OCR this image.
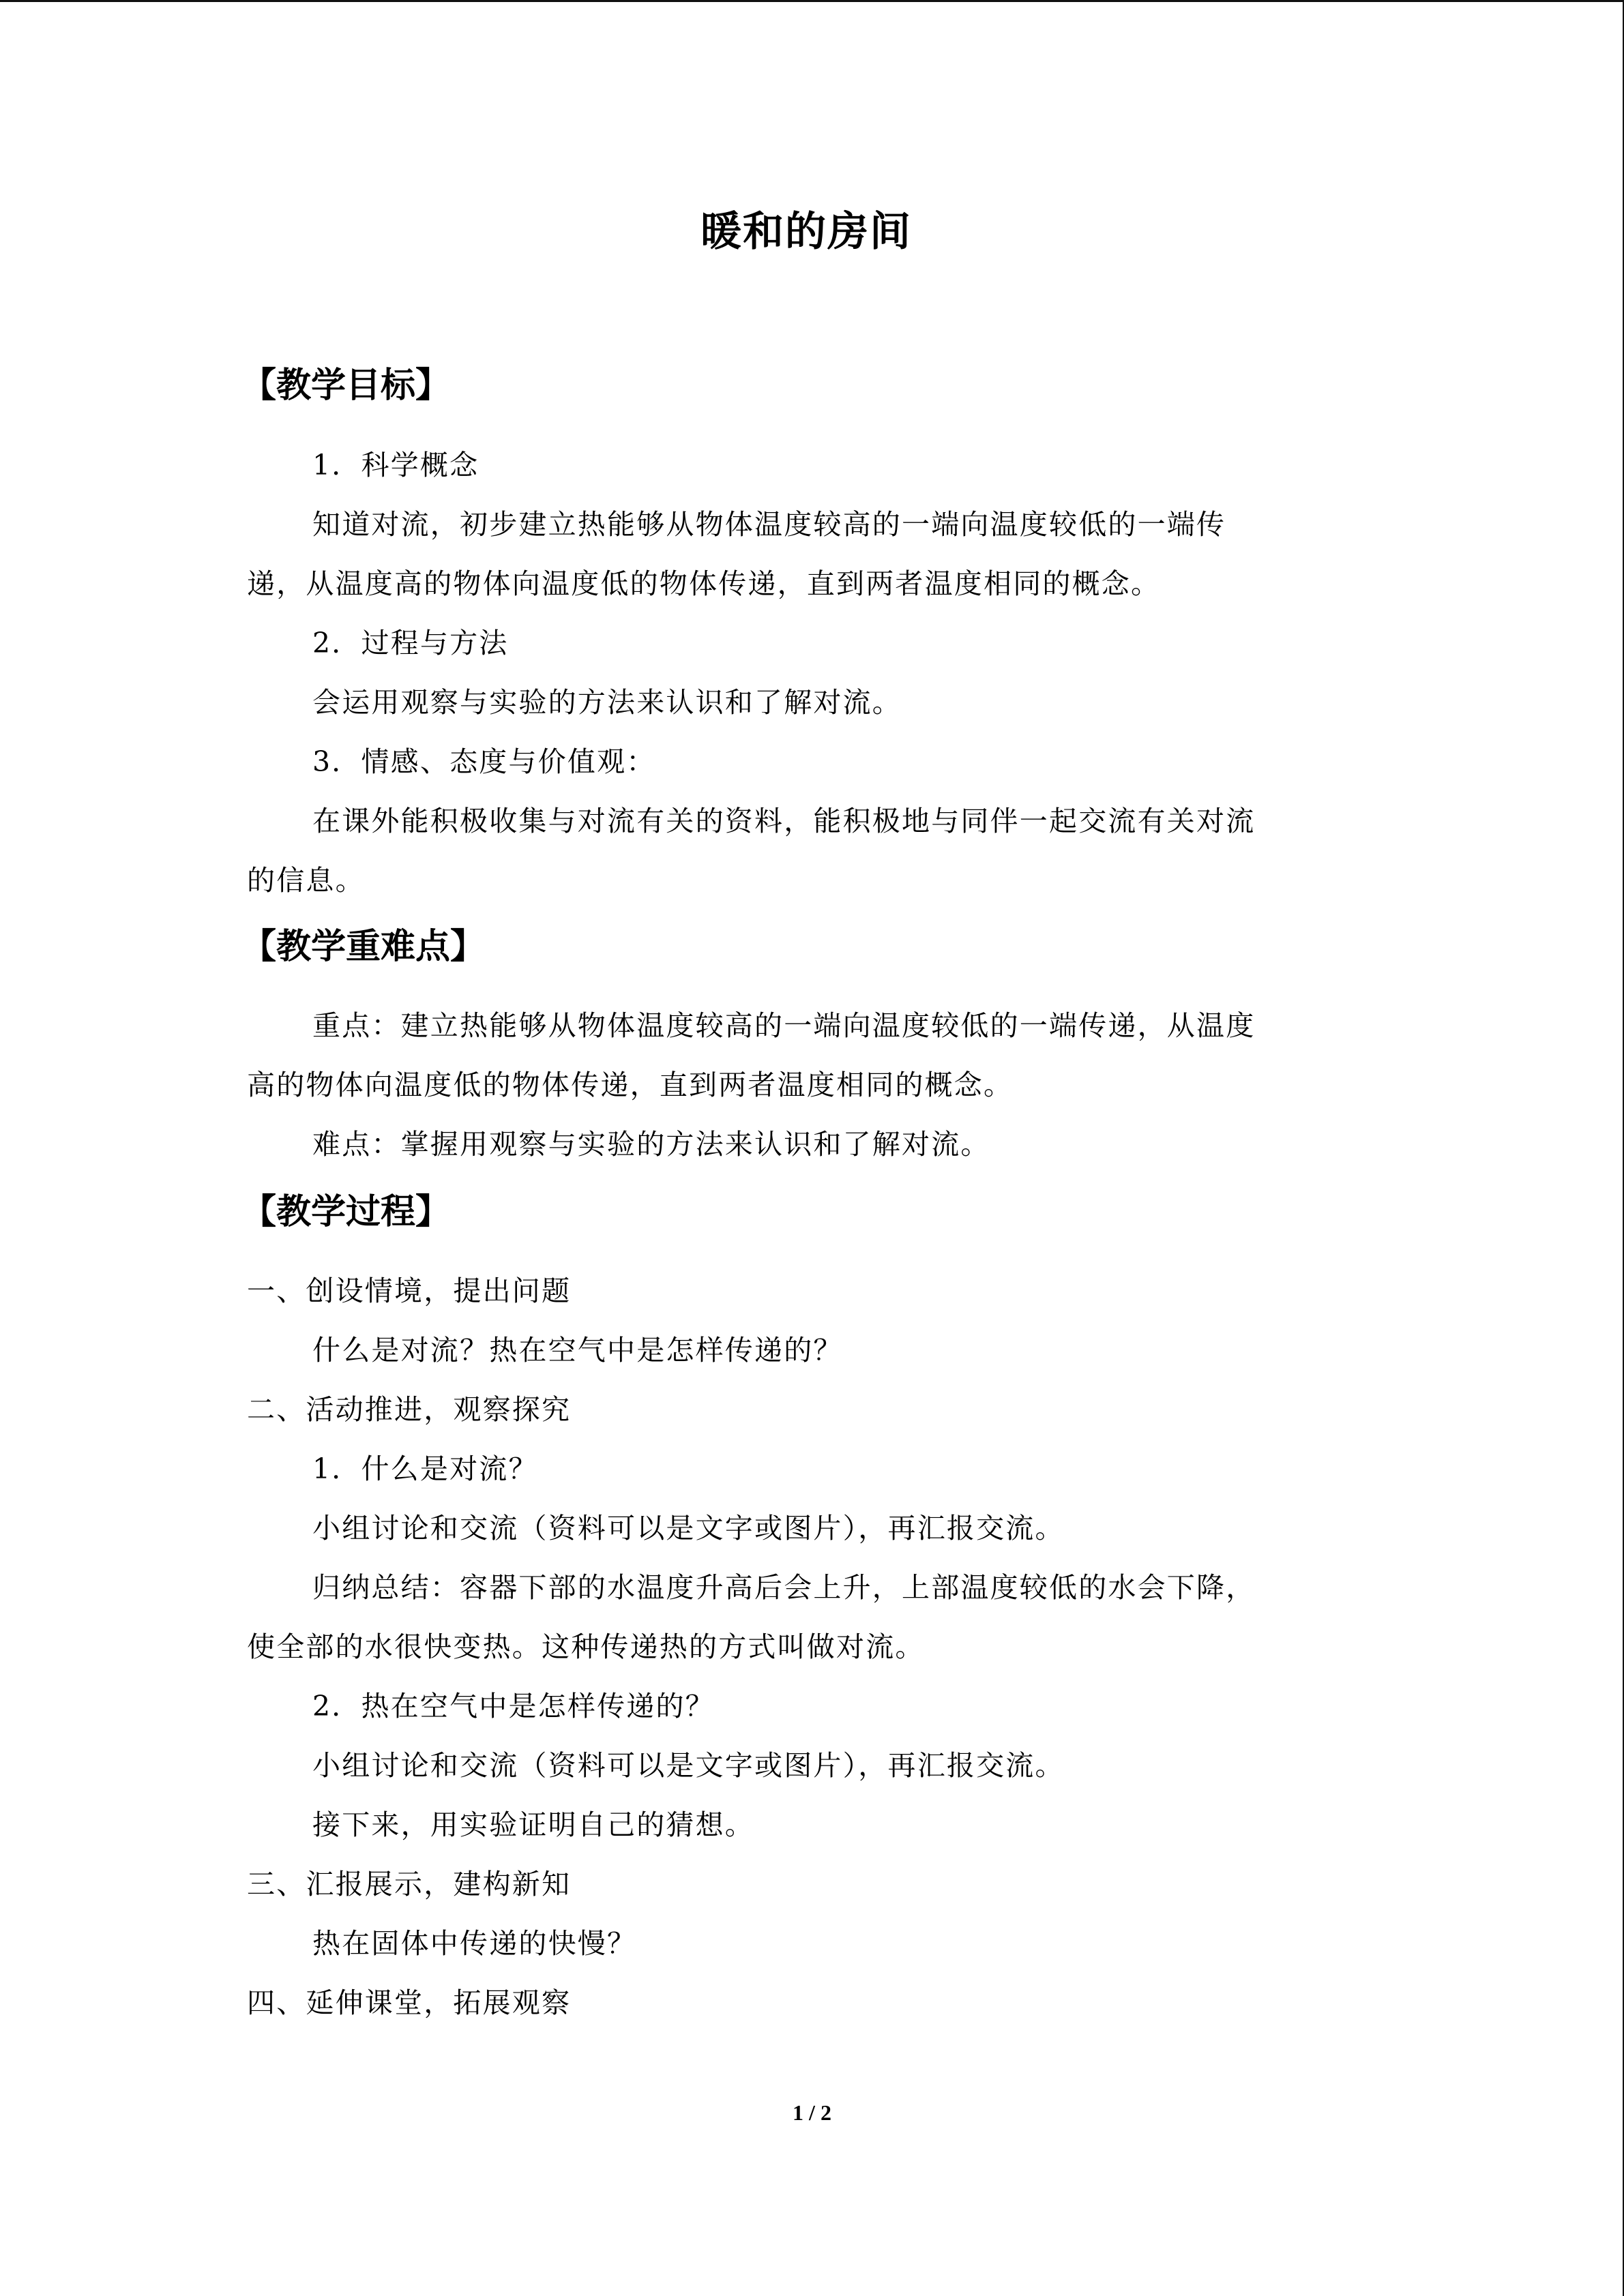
暖和的房间
【教学目标】
1．科学概念
知道对流，初步建立热能够从物体温度较高的一端向温度较低的一端传
递，从温度高的物体向温度低的物体传递，直到两者温度相同的概念。
2．过程与方法
会运用观察与实验的方法来认识和了解对流。
3．情感、态度与价值观：
在课外能积极收集与对流有关的资料，能积极地与同伴一起交流有关对流
的信息。
【教学重难点】
重点：建立热能够从物体温度较高的一端向温度较低的一端传递，从温度
高的物体向温度低的物体传递，直到两者温度相同的概念。
难点：掌握用观察与实验的方法来认识和了解对流。
【教学过程】
一、创设情境，提出问题
什么是对流？热在空气中是怎样传递的？
二、活动推进，观察探究
1．什么是对流？
小组讨论和交流（资料可以是文字或图片），再汇报交流。
归纳总结：容器下部的水温度升高后会上升，上部温度较低的水会下降，
使全部的水很快变热。这种传递热的方式叫做对流。
2．热在空气中是怎样传递的？
小组讨论和交流（资料可以是文字或图片），再汇报交流。
接下来，用实验证明自己的猜想。
三、汇报展示，建构新知
热在固体中传递的快慢？
四、延伸课堂，拓展观察
1 / 2
